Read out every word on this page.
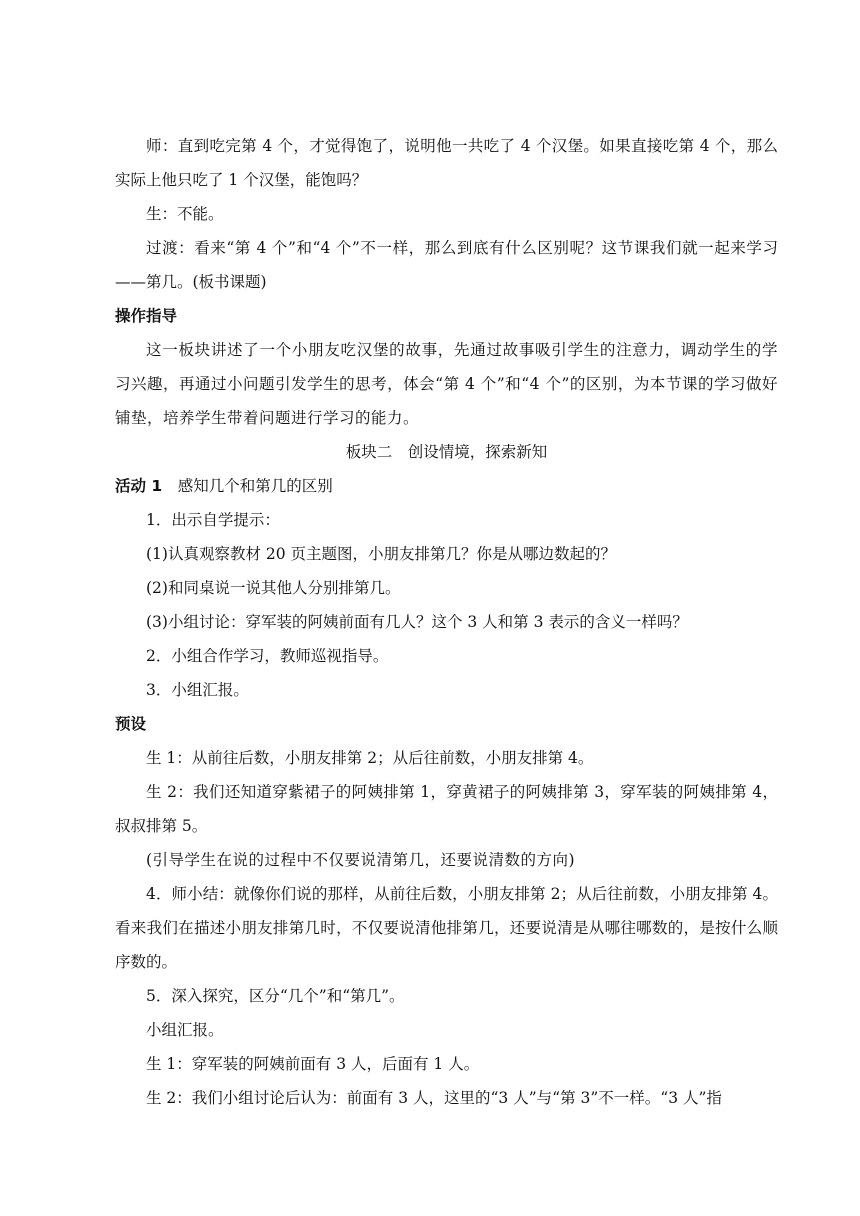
师：直到吃完第 4 个，才觉得饱了，说明他一共吃了 4 个汉堡。如果直接吃第 4 个，那么实际上他只吃了 1 个汉堡，能饱吗？

生：不能。

过渡：看来“第 4 个”和“4 个”不一样，那么到底有什么区别呢？这节课我们就一起来学习——第几。(板书课题)

操作指导

这一板块讲述了一个小朋友吃汉堡的故事，先通过故事吸引学生的注意力，调动学生的学习兴趣，再通过小问题引发学生的思考，体会“第 4 个”和“4 个”的区别，为本节课的学习做好铺垫，培养学生带着问题进行学习的能力。

板块二　创设情境，探索新知

活动 1　 感知几个和第几的区别

1．出示自学提示：

(1)认真观察教材 20 页主题图，小朋友排第几？你是从哪边数起的？

(2)和同桌说一说其他人分别排第几。

(3)小组讨论：穿军装的阿姨前面有几人？这个 3 人和第 3 表示的含义一样吗？

2．小组合作学习，教师巡视指导。

3．小组汇报。

预设

生 1：从前往后数，小朋友排第 2；从后往前数，小朋友排第 4。

生 2：我们还知道穿紫裙子的阿姨排第 1，穿黄裙子的阿姨排第 3，穿军装的阿姨排第 4，叔叔排第 5。

(引导学生在说的过程中不仅要说清第几，还要说清数的方向)

4．师小结：就像你们说的那样，从前往后数，小朋友排第 2；从后往前数，小朋友排第 4。看来我们在描述小朋友排第几时，不仅要说清他排第几，还要说清是从哪往哪数的，是按什么顺序数的。

5．深入探究，区分“几个”和“第几”。

小组汇报。

生 1：穿军装的阿姨前面有 3 人，后面有 1 人。

生 2：我们小组讨论后认为：前面有 3 人，这里的“3 人”与“第 3”不一样。“3 人”指
